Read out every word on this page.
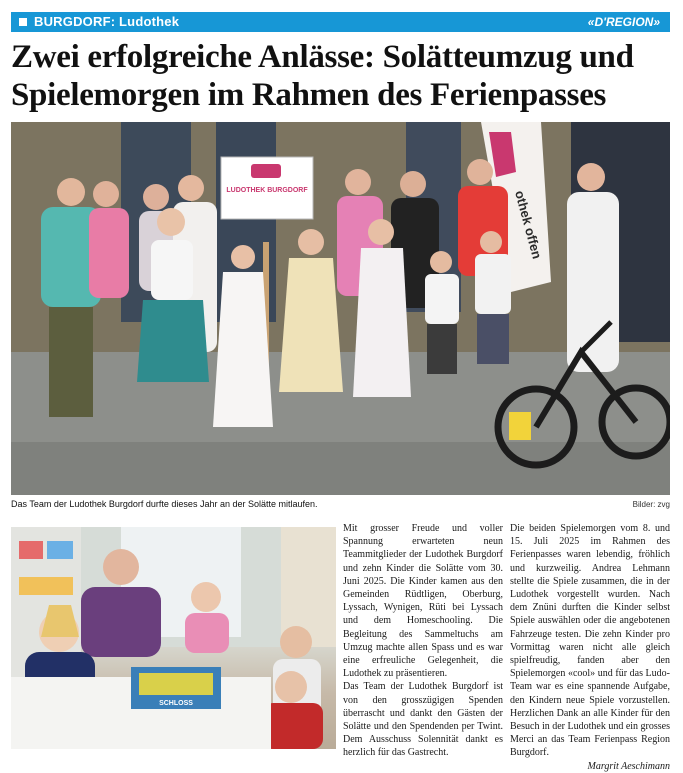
BURGDORF: Ludothek	«D'REGION»
Zwei erfolgreiche Anlässe: Solätteumzug und Spielemorgen im Rahmen des Ferienpasses
othek offen
LUDOTHEK BURGDORF
Das Team der Ludothek Burgdorf durfte dieses Jahr an der Solätte mitlaufen.	Bilder: zvg
SCHLOSS

Mit grosser Freude und voller Spannung erwarteten neun Teammitglieder der Ludothek Burgdorf und zehn Kinder die Solätte vom 30. Juni 2025. Die Kinder kamen aus den Gemeinden Rüdtligen, Oberburg, Lyssach, Wynigen, Rüti bei Lyssach und dem Homeschooling. Die Begleitung des Sammeltuchs am Umzug machte allen Spass und es war eine erfreuliche Gelegenheit, die Ludothek zu präsentieren.

Das Team der Ludothek Burgdorf ist von den grosszügigen Spenden überrascht und dankt den Gästen der Solätte und den Spendenden per Twint. Dem Ausschuss Solennität dankt es herzlich für das Gastrecht.

Die beiden Spielemorgen vom 8. und 15. Juli 2025 im Rahmen des Ferienpasses waren lebendig, fröhlich und kurzweilig. Andrea Lehmann stellte die Spiele zusammen, die in der Ludothek vorgestellt wurden. Nach dem Znüni durften die Kinder selbst Spiele auswählen oder die angebotenen Fahrzeuge testen. Die zehn Kinder pro Vormittag waren nicht alle gleich spielfreudig, fanden aber den Spielemorgen «cool» und für das Ludo-Team war es eine spannende Aufgabe, den Kindern neue Spiele vorzustellen. Herzlichen Dank an alle Kinder für den Besuch in der Ludothek und ein grosses Merci an das Team Ferienpass Region Burgdorf.

Margrit Aeschimann
